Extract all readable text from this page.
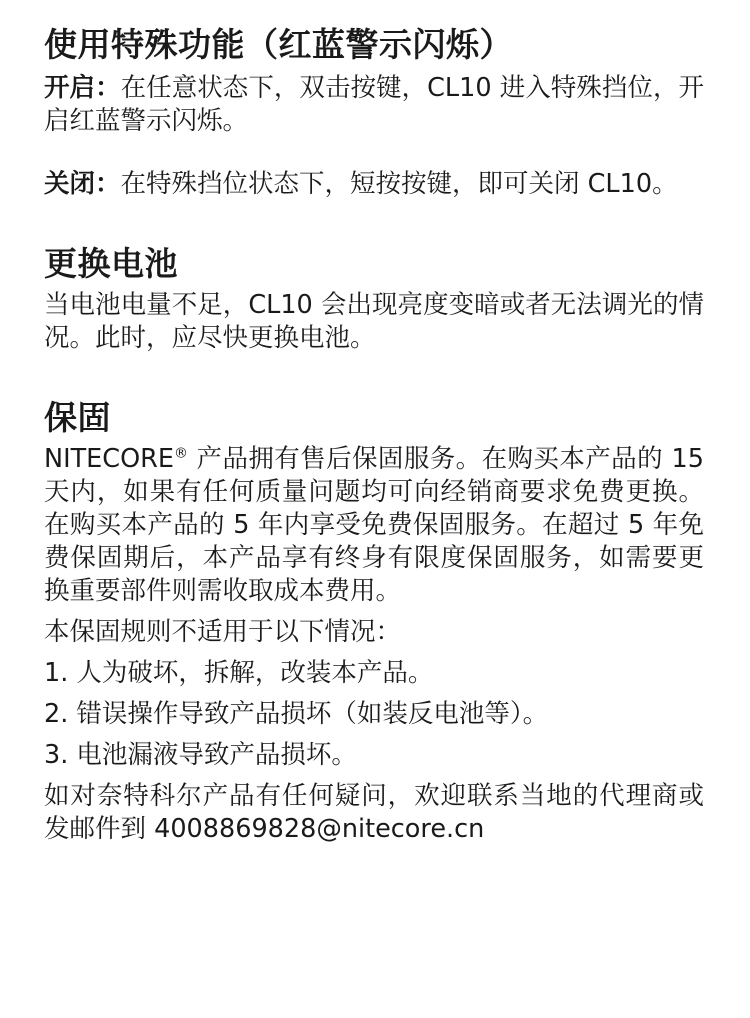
使用特殊功能（红蓝警示闪烁）

开启：在任意状态下，双击按键，CL10 进入特殊挡位，开启红蓝警示闪烁。

关闭：在特殊挡位状态下，短按按键，即可关闭 CL10。

更换电池

当电池电量不足，CL10 会出现亮度变暗或者无法调光的情况。此时，应尽快更换电池。

保固

NITECORE® 产品拥有售后保固服务。在购买本产品的 15 天内，如果有任何质量问题均可向经销商要求免费更换。在购买本产品的 5 年内享受免费保固服务。在超过 5 年免费保固期后，本产品享有终身有限度保固服务，如需要更换重要部件则需收取成本费用。

本保固规则不适用于以下情况：

1. 人为破坏，拆解，改装本产品。
2. 错误操作导致产品损坏（如装反电池等）。
3. 电池漏液导致产品损坏。

如对奈特科尔产品有任何疑问，欢迎联系当地的代理商或发邮件到 4008869828@nitecore.cn
